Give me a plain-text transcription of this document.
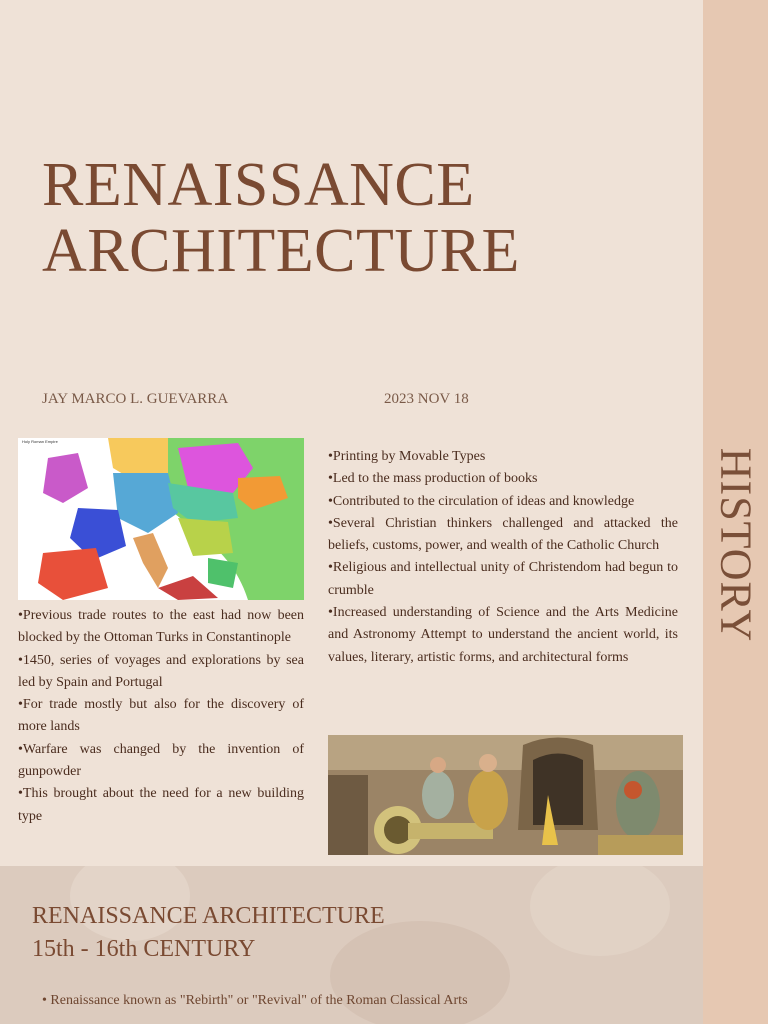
HISTORY
RENAISSANCE
ARCHITECTURE
JAY MARCO L. GUEVARRA	2023 NOV 18
Holy Roman Empire

•Previous trade routes to the east had now been blocked by the Ottoman Turks in Constantinople

•1450, series of voyages and explorations by sea led by Spain and Portugal

•For trade mostly but also for the discovery of more lands

•Warfare was changed by the invention of gunpowder

•This brought about the need for a new building type

•Printing by Movable Types

•Led to the mass production of books

•Contributed to the circulation of ideas and knowledge

•Several Christian thinkers challenged and attacked the beliefs, customs, power, and wealth of the Catholic Church

•Religious and intellectual unity of Christendom had begun to crumble

•Increased understanding of Science and the Arts Medicine and Astronomy Attempt to understand the ancient world, its values, literary, artistic forms, and architectural forms

RENAISSANCE ARCHITECTURE
15th - 16th CENTURY
• Renaissance known as "Rebirth" or "Revival" of the Roman Classical Arts
